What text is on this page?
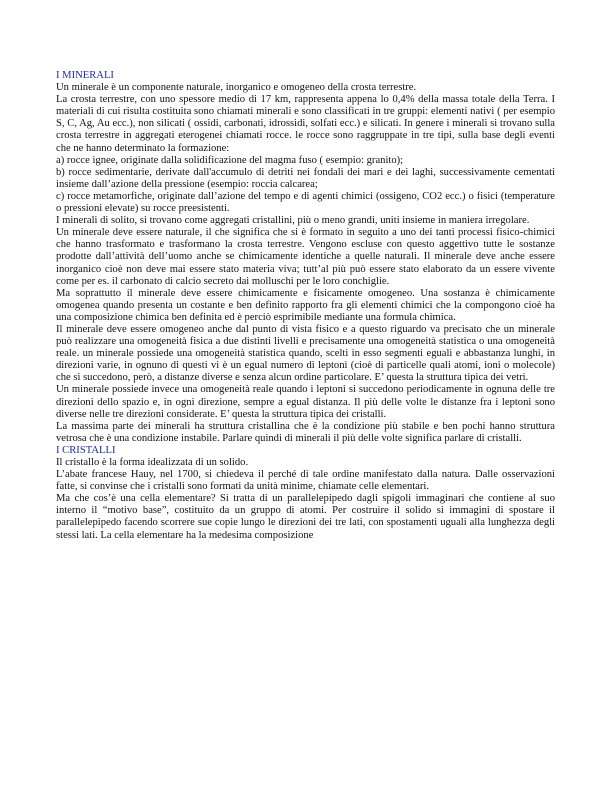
I MINERALI

Un minerale è un componente naturale, inorganico e omogeneo della crosta terrestre.

La crosta terrestre, con uno spessore medio di 17 km, rappresenta appena lo 0,4% della massa totale della Terra. I materiali di cui risulta costituita sono chiamati minerali e sono classificati in tre gruppi: elementi nativi ( per esempio S, C, Ag, Au ecc.), non silicati ( ossidi, carbonati, idrossidi, solfati ecc.) e silicati. In genere i minerali si trovano sulla crosta terrestre in aggregati eterogenei chiamati rocce. le rocce sono raggruppate in tre tipi, sulla base degli eventi che ne hanno determinato la formazione:

a) rocce ignee, originate dalla solidificazione del magma fuso ( esempio: granito);

b) rocce sedimentarie, derivate dall'accumulo di detriti nei fondali dei mari e dei laghi, successivamente cementati insieme dall’azione della pressione (esempio: roccia calcarea;

c) rocce metamorfiche, originate dall’azione del tempo e di agenti chimici (ossigeno, CO2 ecc.) o fisici (temperature o pressioni elevate) su rocce preesistenti.

I minerali di solito, si trovano come aggregati cristallini, più o meno grandi, uniti insieme in maniera irregolare.

Un minerale deve essere naturale, il che significa che si è formato in seguito a uno dei tanti processi fisico-chimici che hanno trasformato e trasformano la crosta terrestre. Vengono escluse con questo aggettivo tutte le sostanze prodotte dall’attività dell’uomo anche se chimicamente identiche a quelle naturali. Il minerale deve anche essere inorganico cioè non deve mai essere stato materia viva; tutt’al più può essere stato elaborato da un essere vivente come per es. il carbonato di calcio secreto dai molluschi per le loro conchiglie.

Ma soprattutto il minerale deve essere chimicamente e fisicamente omogeneo. Una sostanza è chimicamente omogenea quando presenta un costante e ben definito rapporto fra gli elementi chimici che la compongono cioè ha una composizione chimica ben definita ed è perciò esprimibile mediante una formula chimica.

Il minerale deve essere omogeneo anche dal punto di vista fisico e a questo riguardo va precisato che un minerale può realizzare una omogeneità fisica a due distinti livelli e precisamente una omogeneità statistica o una omogeneità reale. un minerale possiede una omogeneità statistica quando, scelti in esso segmenti eguali e abbastanza lunghi, in direzioni varie, in ognuno di questi vi è un egual numero di leptoni (cioè di particelle quali atomi, ioni o molecole) che si succedono, però, a distanze diverse e senza alcun ordine particolare. E’ questa la struttura tipica dei vetri.

Un minerale possiede invece una omogeneità reale quando i leptoni si succedono periodicamente in ognuna delle tre direzioni dello spazio e, in ogni direzione, sempre a egual distanza. Il più delle volte le distanze fra i leptoni sono diverse nelle tre direzioni considerate. E’ questa la struttura tipica dei cristalli.

La massima parte dei minerali ha struttura cristallina che è la condizione più stabile e ben pochi hanno struttura vetrosa che è una condizione instabile. Parlare quindi di minerali il più delle volte significa parlare di cristalli.

I CRISTALLI

Il cristallo è la forma idealizzata di un solido.

L’abate francese Hauy, nel 1700, si chiedeva il perché di tale ordine manifestato dalla natura. Dalle osservazioni fatte, si convinse che i cristalli sono formati da unità minime, chiamate celle elementari.

Ma che cos’è una cella elementare? Si tratta di un parallelepipedo dagli spigoli immaginari che contiene al suo interno il “motivo base”, costituito da un gruppo di atomi. Per costruire il solido si immagini di spostare il parallelepipedo facendo scorrere sue copie lungo le direzioni dei tre lati, con spostamenti uguali alla lunghezza degli stessi lati. La cella elementare ha la medesima composizione
